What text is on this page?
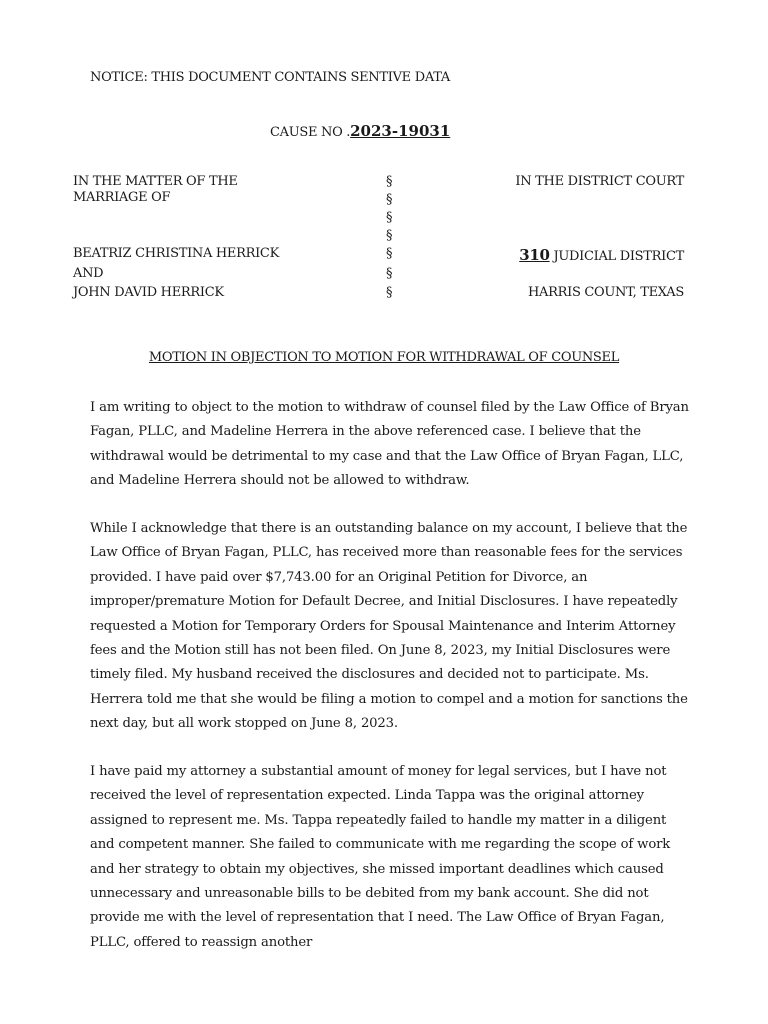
NOTICE: THIS DOCUMENT CONTAINS SENTIVE DATA
CAUSE NO .2023-19031
IN THE MATTER OF THE
MARRIAGE OF
BEATRIZ CHRISTINA HERRICK
AND
JOHN DAVID HERRICK
§
§
§
§
§
§
§
IN THE DISTRICT COURT
310 JUDICIAL DISTRICT
HARRIS COUNT, TEXAS
MOTION IN OBJECTION TO MOTION FOR WITHDRAWAL OF COUNSEL
I am writing to object to the motion to withdraw of counsel filed by the Law Office of Bryan Fagan, PLLC, and Madeline Herrera in the above referenced case. I believe that the withdrawal would be detrimental to my case and that the Law Office of Bryan Fagan, LLC, and Madeline Herrera should not be allowed to withdraw.
While I acknowledge that there is an outstanding balance on my account, I believe that the Law Office of Bryan Fagan, PLLC, has received more than reasonable fees for the services provided. I have paid over $7,743.00 for an Original Petition for Divorce, an improper/premature Motion for Default Decree, and Initial Disclosures. I have repeatedly requested a Motion for Temporary Orders for Spousal Maintenance and Interim Attorney fees and the Motion still has not been filed. On June 8, 2023, my Initial Disclosures were timely filed. My husband received the disclosures and decided not to participate. Ms. Herrera told me that she would be filing a motion to compel and a motion for sanctions the next day, but all work stopped on June 8, 2023.
I have paid my attorney a substantial amount of money for legal services, but I have not received the level of representation expected. Linda Tappa was the original attorney assigned to represent me. Ms. Tappa repeatedly failed to handle my matter in a diligent and competent manner. She failed to communicate with me regarding the scope of work and her strategy to obtain my objectives, she missed important deadlines which caused unnecessary and unreasonable bills to be debited from my bank account. She did not provide me with the level of representation that I need. The Law Office of Bryan Fagan, PLLC, offered to reassign another
